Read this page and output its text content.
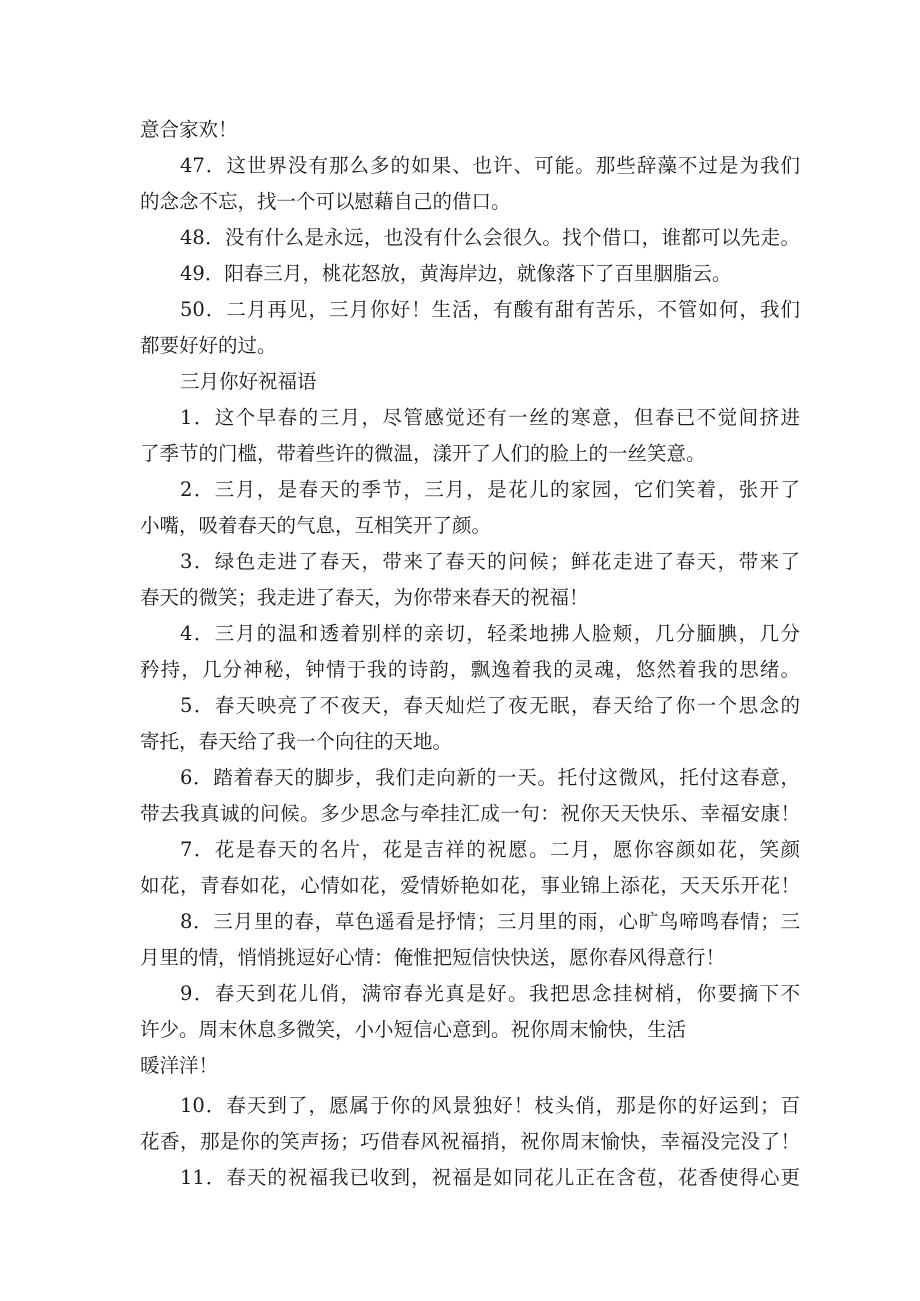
意合家欢！
47．这世界没有那么多的如果、也许、可能。那些辞藻不过是为我们
的念念不忘，找一个可以慰藉自己的借口。
48．没有什么是永远，也没有什么会很久。找个借口，谁都可以先走。
49．阳春三月，桃花怒放，黄海岸边，就像落下了百里胭脂云。
50．二月再见，三月你好！生活，有酸有甜有苦乐，不管如何，我们
都要好好的过。
三月你好祝福语
1．这个早春的三月，尽管感觉还有一丝的寒意，但春已不觉间挤进
了季节的门槛，带着些许的微温，漾开了人们的脸上的一丝笑意。
2．三月，是春天的季节，三月，是花儿的家园，它们笑着，张开了
小嘴，吸着春天的气息，互相笑开了颜。
3．绿色走进了春天，带来了春天的问候；鲜花走进了春天，带来了
春天的微笑；我走进了春天，为你带来春天的祝福！
4．三月的温和透着别样的亲切，轻柔地拂人脸颊，几分腼腆，几分
矜持，几分神秘，钟情于我的诗韵，飘逸着我的灵魂，悠然着我的思绪。
5．春天映亮了不夜天，春天灿烂了夜无眠，春天给了你一个思念的
寄托，春天给了我一个向往的天地。
6．踏着春天的脚步，我们走向新的一天。托付这微风，托付这春意，
带去我真诚的问候。多少思念与牵挂汇成一句：祝你天天快乐、幸福安康！
7．花是春天的名片，花是吉祥的祝愿。二月，愿你容颜如花，笑颜
如花，青春如花，心情如花，爱情娇艳如花，事业锦上添花，天天乐开花！
8．三月里的春，草色遥看是抒情；三月里的雨，心旷鸟啼鸣春情；三
月里的情，悄悄挑逗好心情：俺惟把短信快快送，愿你春风得意行！
9．春天到花儿俏，满帘春光真是好。我把思念挂树梢，你要摘下不
许少。周末休息多微笑，小小短信心意到。祝你周末愉快，生活
暖洋洋！
10．春天到了，愿属于你的风景独好！枝头俏，那是你的好运到；百
花香，那是你的笑声扬；巧借春风祝福捎，祝你周末愉快，幸福没完没了！
11．春天的祝福我已收到，祝福是如同花儿正在含苞，花香使得心更
